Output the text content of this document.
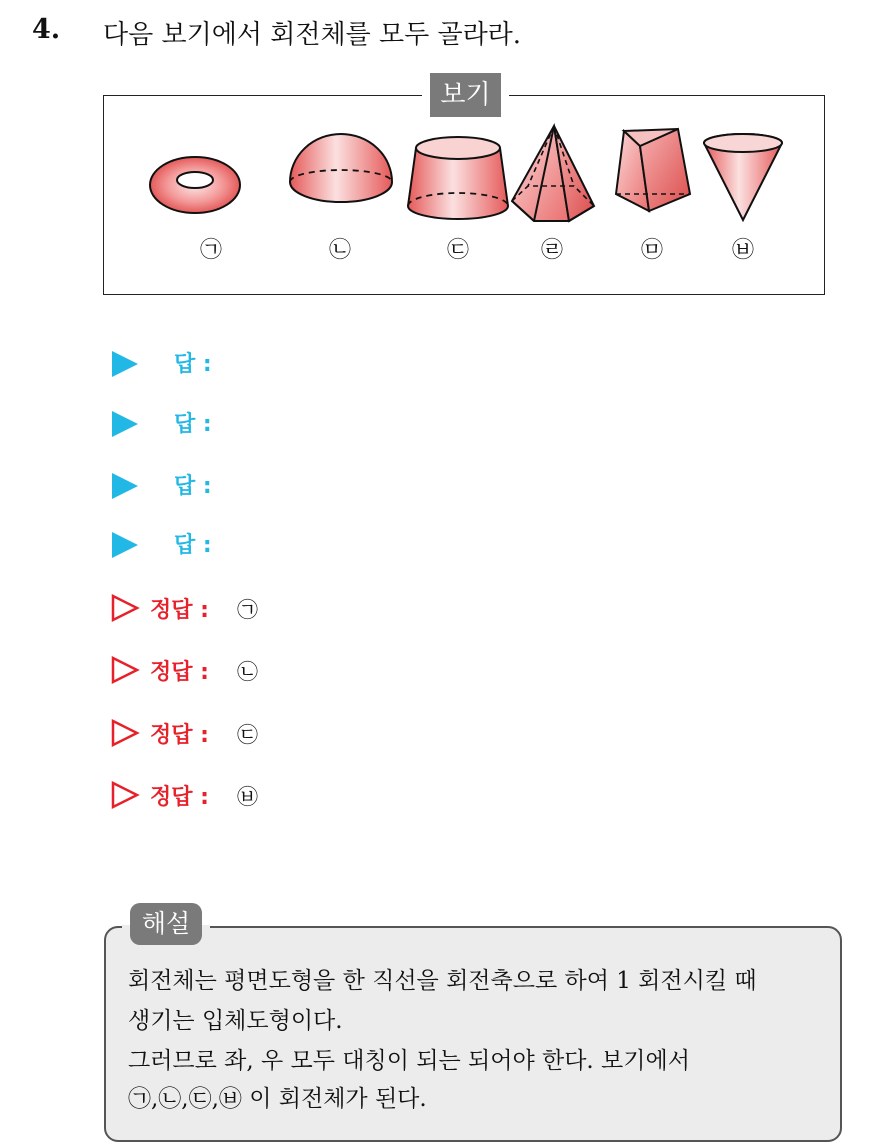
4. 다음 보기에서 회전체를 모두 골라라.
보기
㉠	㉡	㉢	㉣	㉤	㉥
답 :
답 :
답 :
답 :
정답 : ㉠
정답 : ㉡
정답 : ㉢
정답 : ㉥
해설
회전체는 평면도형을 한 직선을 회전축으로 하여 1 회전시킬 때
생기는 입체도형이다.
그러므로 좌, 우 모두 대칭이 되는 되어야 한다. 보기에서
㉠,㉡,㉢,㉥ 이 회전체가 된다.
